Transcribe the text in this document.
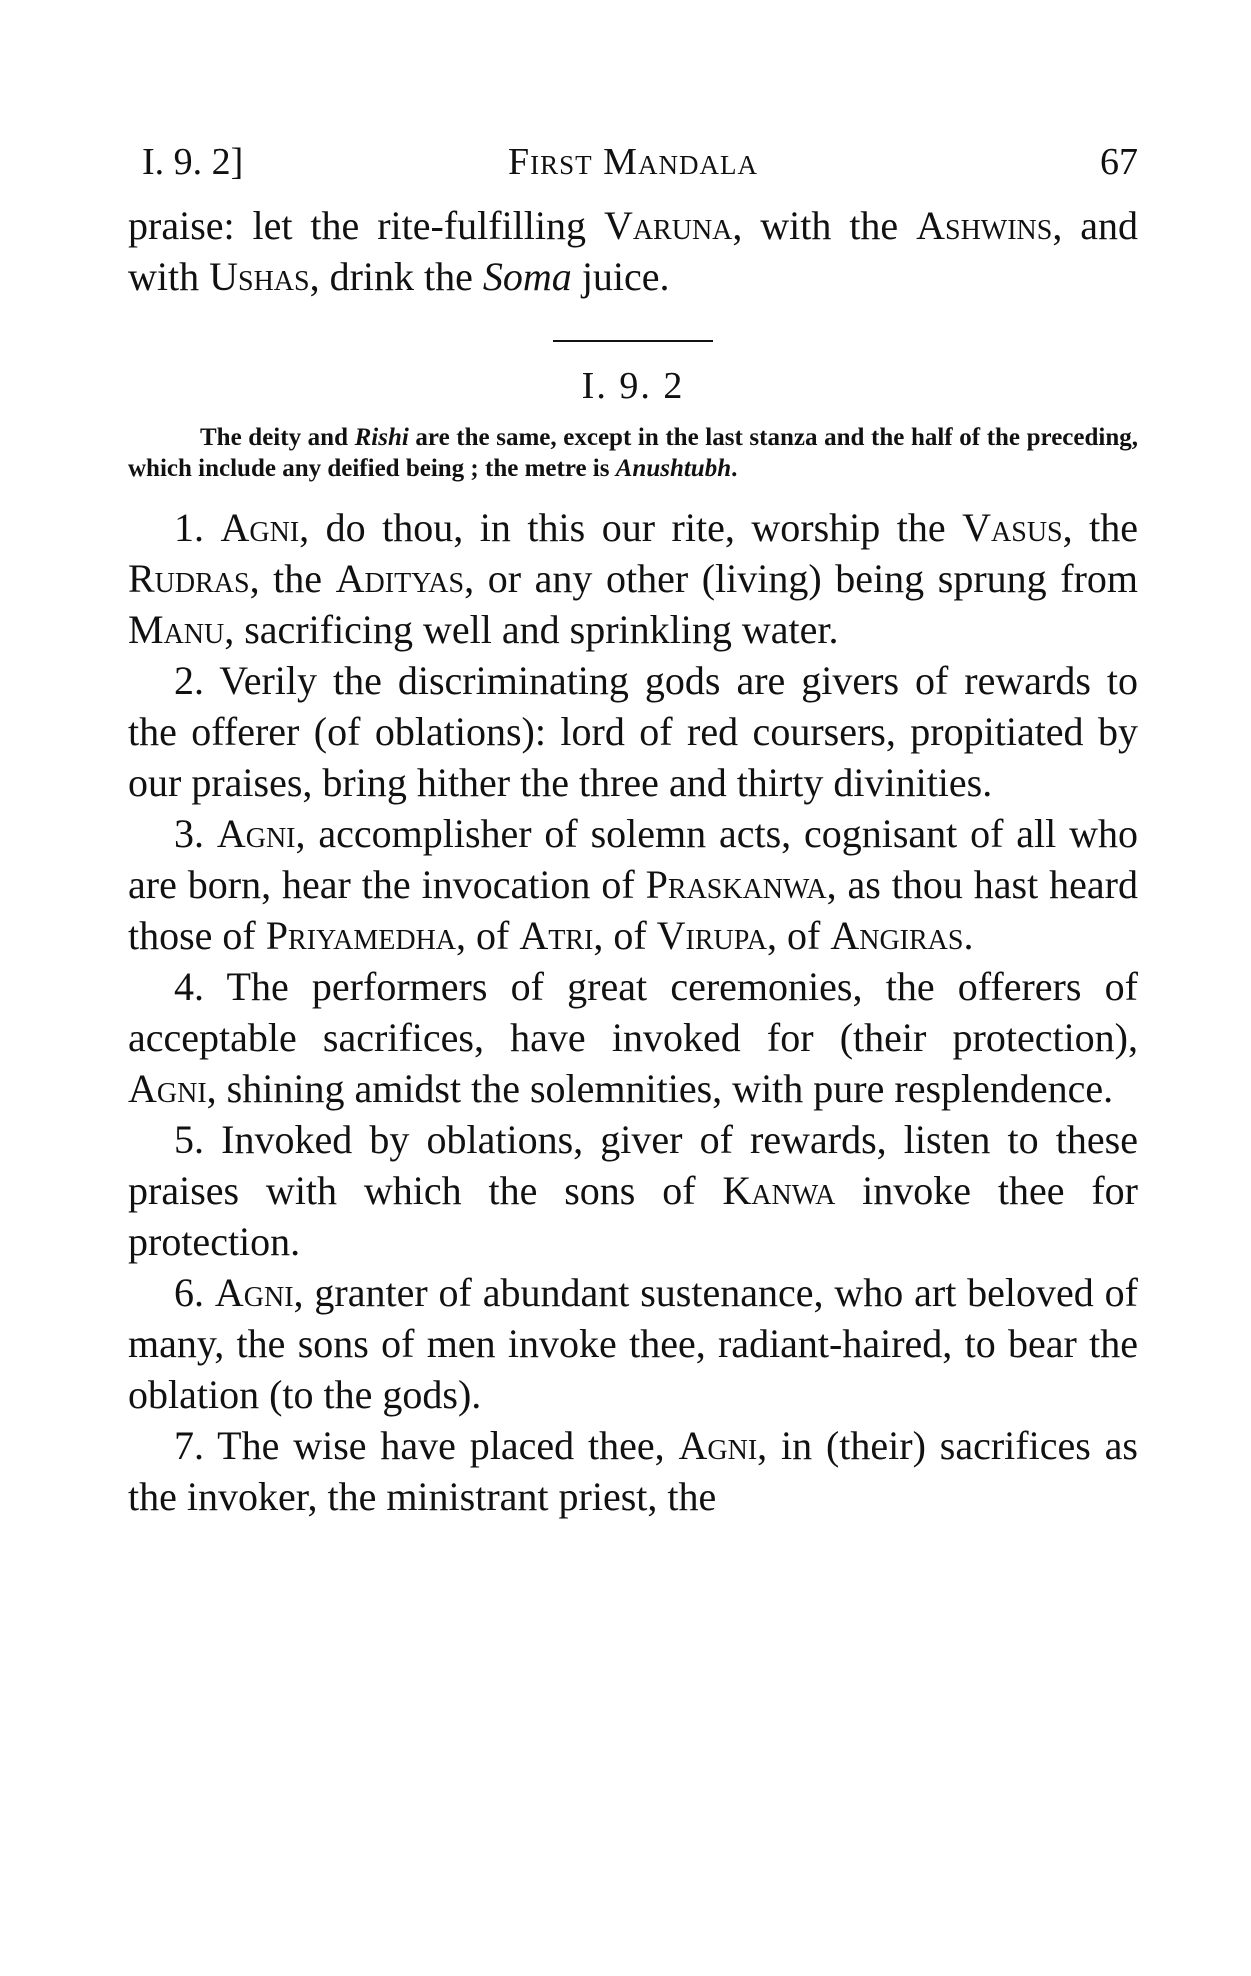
I. 9. 2]	First Mandala	67

praise: let the rite-fulfilling Varuna, with the Ashwins, and with Ushas, drink the Soma juice.

I. 9. 2

The deity and Rishi are the same, except in the last stanza and the half of the preceding, which include any deified being ; the metre is Anushtubh.

1. Agni, do thou, in this our rite, worship the Vasus, the Rudras, the Adityas, or any other (living) being sprung from Manu, sacrificing well and sprinkling water.

2. Verily the discriminating gods are givers of rewards to the offerer (of oblations): lord of red coursers, propitiated by our praises, bring hither the three and thirty divinities.

3. Agni, accomplisher of solemn acts, cognisant of all who are born, hear the invocation of Praskanwa, as thou hast heard those of Priyamedha, of Atri, of Virupa, of Angiras.

4. The performers of great ceremonies, the offerers of acceptable sacrifices, have invoked for (their protection), Agni, shining amidst the solemnities, with pure resplendence.

5. Invoked by oblations, giver of rewards, listen to these praises with which the sons of Kanwa invoke thee for protection.

6. Agni, granter of abundant sustenance, who art beloved of many, the sons of men invoke thee, radiant-haired, to bear the oblation (to the gods).

7. The wise have placed thee, Agni, in (their) sacrifices as the invoker, the ministrant priest, the
